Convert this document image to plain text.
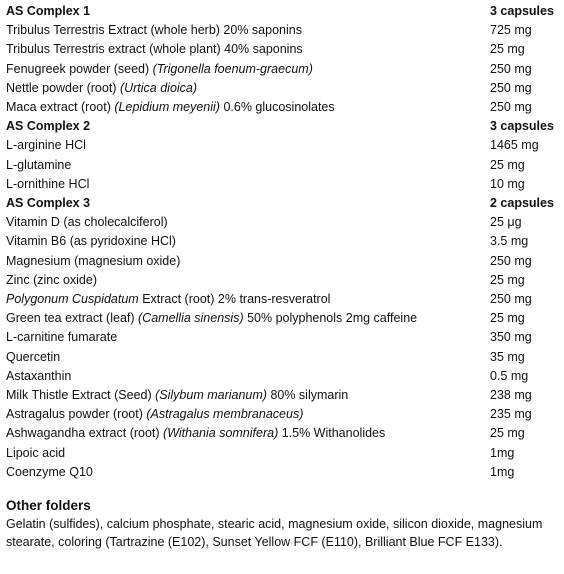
AS Complex 1	3 capsules
Tribulus Terrestris Extract (whole herb) 20% saponins	725 mg
Tribulus Terrestris extract (whole plant) 40% saponins	25 mg
Fenugreek powder (seed) (Trigonella foenum-graecum)	250 mg
Nettle powder (root) (Urtica dioica)	250 mg
Maca extract (root) (Lepidium meyenii) 0.6% glucosinolates	250 mg
AS Complex 2	3 capsules
L-arginine HCl	1465 mg
L-glutamine	25 mg
L-ornithine HCl	10 mg
AS Complex 3	2 capsules
Vitamin D (as cholecalciferol)	25 μg
Vitamin B6 (as pyridoxine HCl)	3.5 mg
Magnesium (magnesium oxide)	250 mg
Zinc (zinc oxide)	25 mg
Polygonum Cuspidatum Extract (root) 2% trans-resveratrol	250 mg
Green tea extract (leaf) (Camellia sinensis) 50% polyphenols 2mg caffeine	25 mg
L-carnitine fumarate	350 mg
Quercetin	35 mg
Astaxanthin	0.5 mg
Milk Thistle Extract (Seed) (Silybum marianum) 80% silymarin	238 mg
Astragalus powder (root) (Astragalus membranaceus)	235 mg
Ashwagandha extract (root) (Withania somnifera) 1.5% Withanolides	25 mg
Lipoic acid	1mg
Coenzyme Q10	1mg
Other folders

Gelatin (sulfides), calcium phosphate, stearic acid, magnesium oxide, silicon dioxide, magnesium stearate, coloring (Tartrazine (E102), Sunset Yellow FCF (E110), Brilliant Blue FCF E133).
